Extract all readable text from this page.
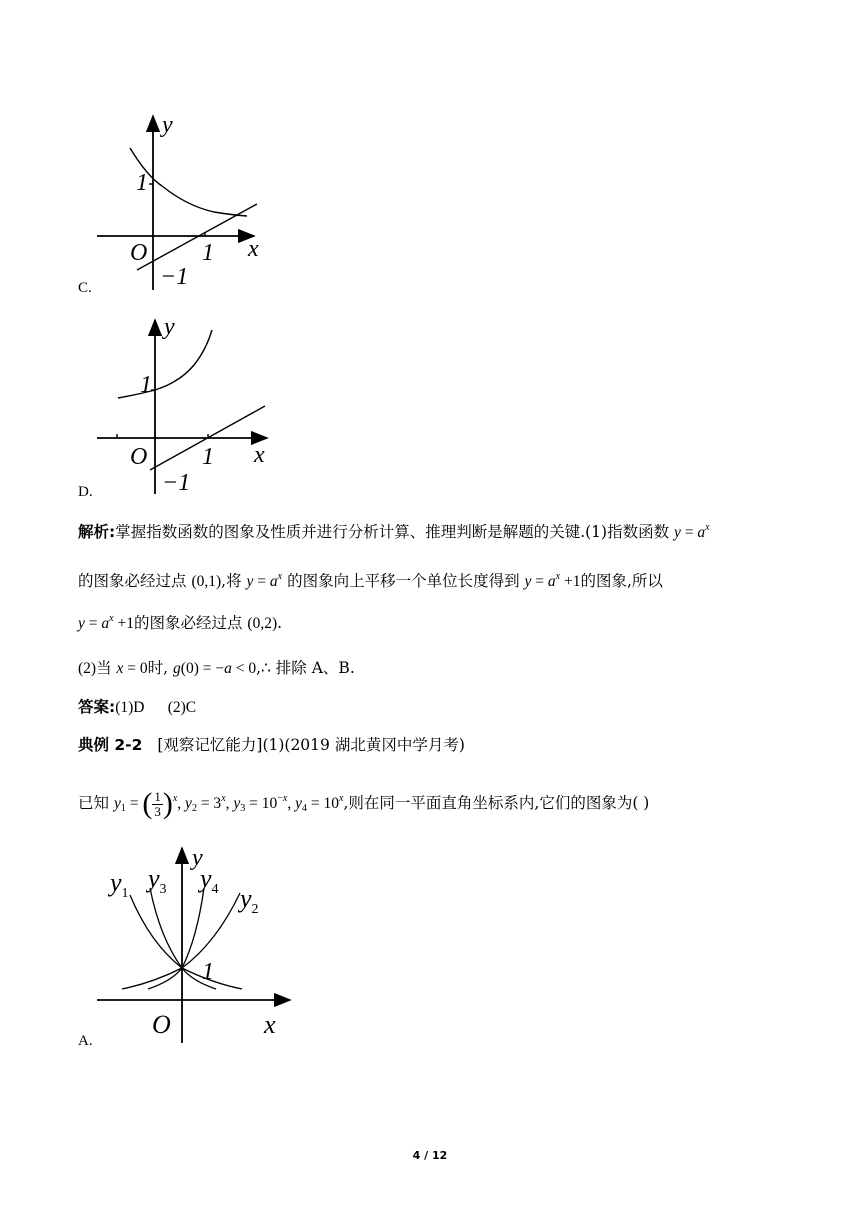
y
x
O
1
1
−1
C.
y
x
O
1
1
−1
D.
解析:掌握指数函数的图象及性质并进行分析计算、推理判断是解题的关键.(1)指数函数 $y = a^x$
的图象必经过点 (0,1),将 $y = a^x$ 的图象向上平移一个单位长度得到 $y = a^x +1$的图象,所以
$y = a^x +1$的图象必经过点 (0,2).
(2)当 x = 0时, g(0) = −a < 0,∴ 排除 A、B.
答案:(1)D      (2)C
典例 2-2 [观察记忆能力](1)(2019 湖北黄冈中学月考)
已知 $y_1$ = ( $\frac{1}{3} )^x$, $y_2 = 3^x$, $y_3 = 10^{-x}$, $y_4 = 10^x$,则在同一平面直角坐标系内,它们的图象为( )
y
x
O
1
$y_1$
$y_3$ $y_4$ $y_2$
A.
4 / 12
